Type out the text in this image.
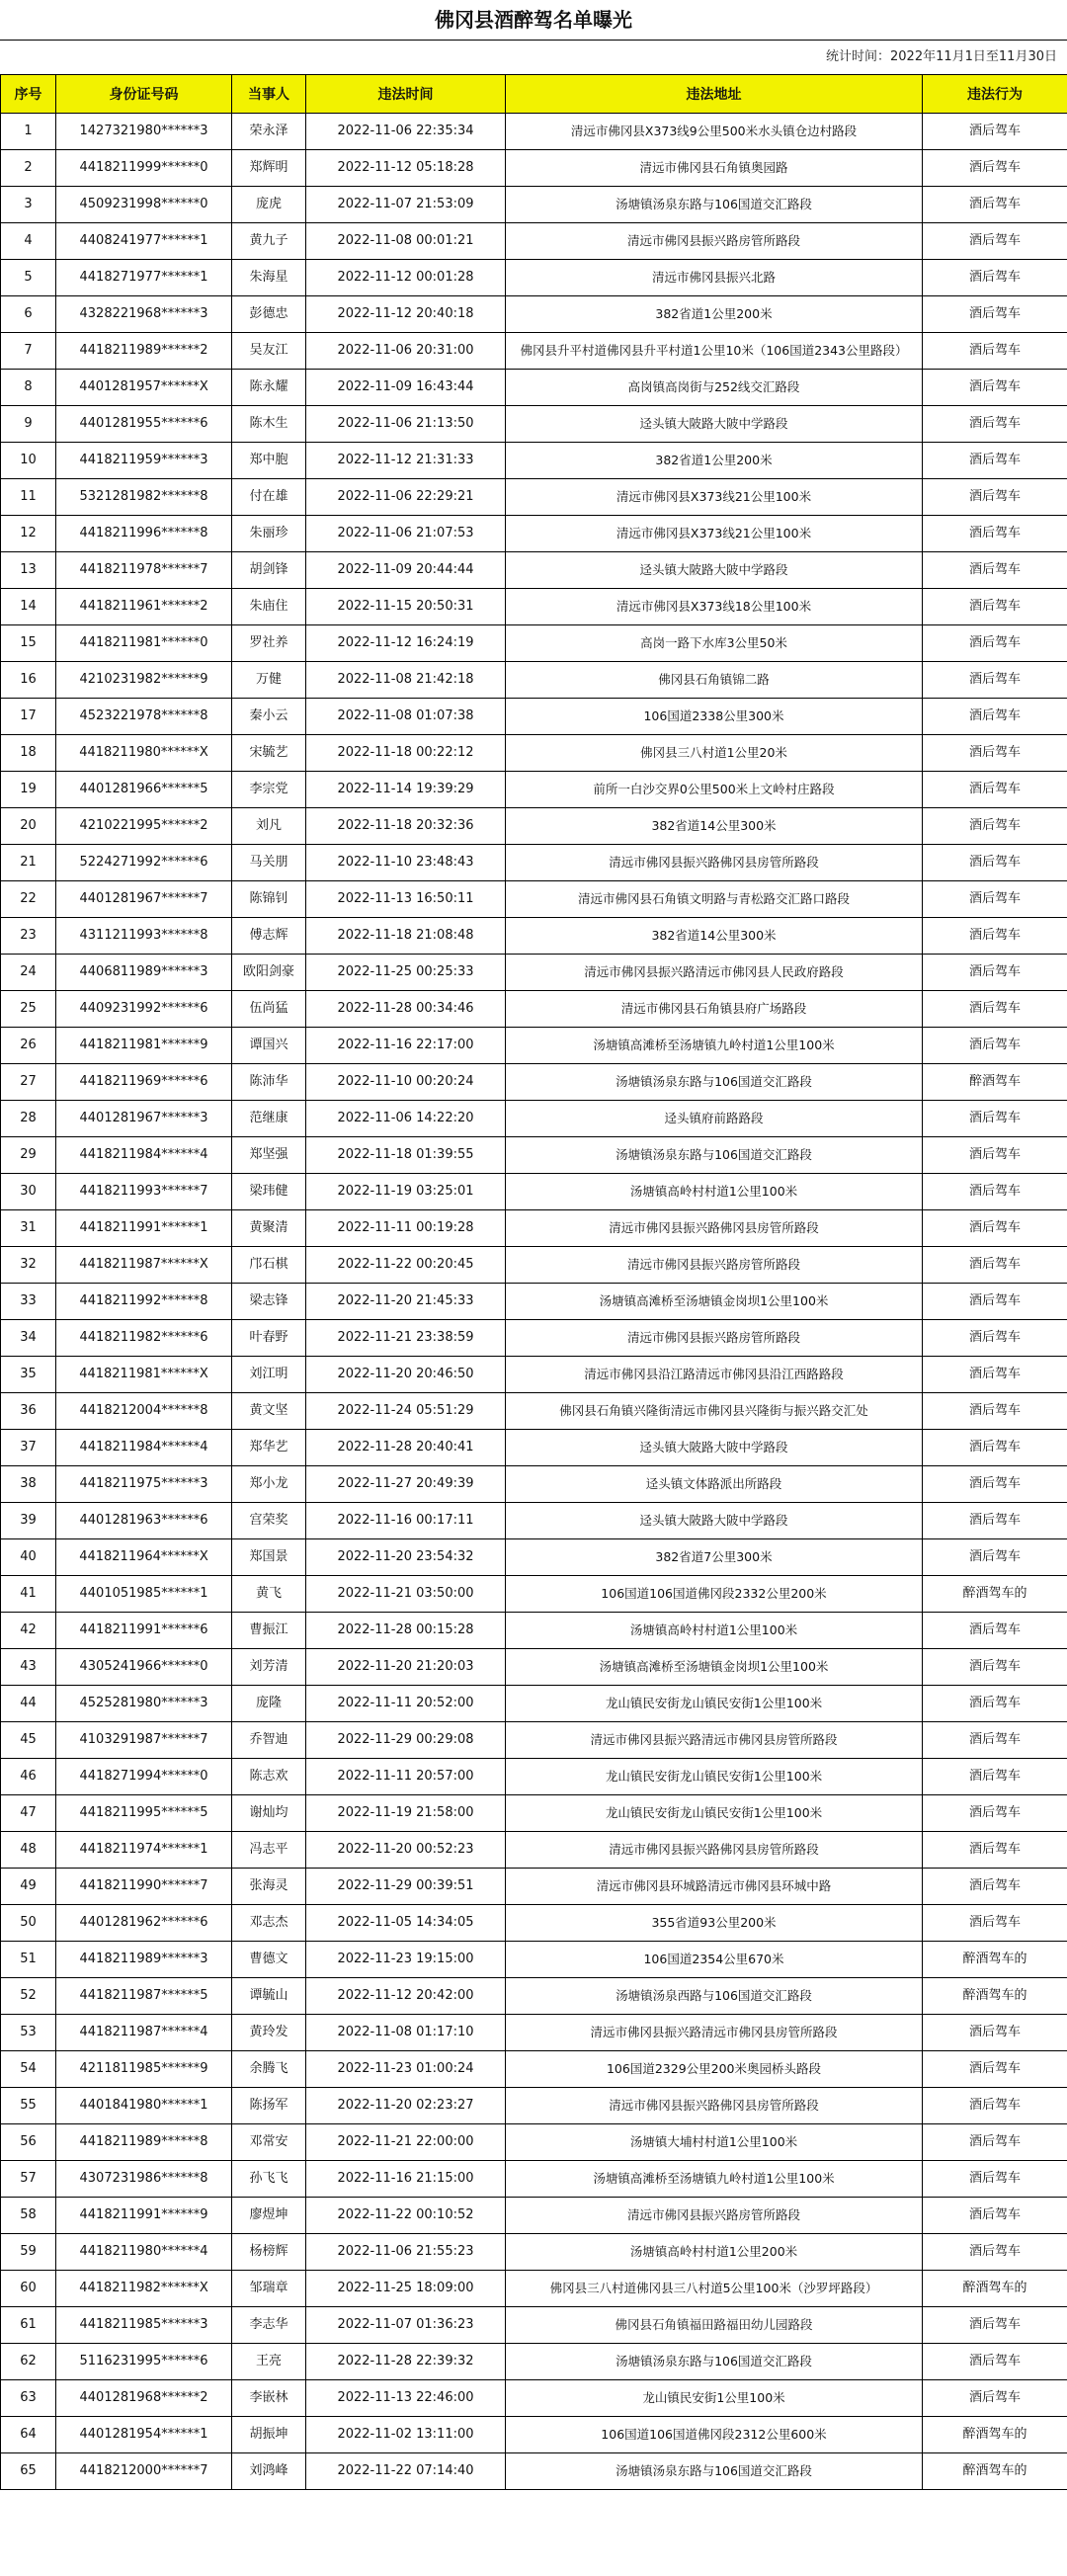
佛冈县酒醉驾名单曝光
统计时间：2022年11月1日至11月30日
序号	身份证号码	当事人	违法时间	违法地址	违法行为
1	1427321980******3	荣永泽	2022-11-06 22:35:34	清远市佛冈县X373线9公里500米水头镇仓边村路段	酒后驾车
2	4418211999******0	郑辉明	2022-11-12 05:18:28	清远市佛冈县石角镇奥园路	酒后驾车
3	4509231998******0	庞虎	2022-11-07 21:53:09	汤塘镇汤泉东路与106国道交汇路段	酒后驾车
4	4408241977******1	黄九子	2022-11-08 00:01:21	清远市佛冈县振兴路房管所路段	酒后驾车
5	4418271977******1	朱海星	2022-11-12 00:01:28	清远市佛冈县振兴北路	酒后驾车
6	4328221968******3	彭德忠	2022-11-12 20:40:18	382省道1公里200米	酒后驾车
7	4418211989******2	吴友江	2022-11-06 20:31:00	佛冈县升平村道佛冈县升平村道1公里10米（106国道2343公里路段）	酒后驾车
8	4401281957******X	陈永耀	2022-11-09 16:43:44	高岗镇高岗街与252线交汇路段	酒后驾车
9	4401281955******6	陈木生	2022-11-06 21:13:50	迳头镇大陂路大陂中学路段	酒后驾车
10	4418211959******3	郑中胞	2022-11-12 21:31:33	382省道1公里200米	酒后驾车
11	5321281982******8	付在雄	2022-11-06 22:29:21	清远市佛冈县X373线21公里100米	酒后驾车
12	4418211996******8	朱丽珍	2022-11-06 21:07:53	清远市佛冈县X373线21公里100米	酒后驾车
13	4418211978******7	胡剑锋	2022-11-09 20:44:44	迳头镇大陂路大陂中学路段	酒后驾车
14	4418211961******2	朱庙住	2022-11-15 20:50:31	清远市佛冈县X373线18公里100米	酒后驾车
15	4418211981******0	罗社养	2022-11-12 16:24:19	高岗一路下水库3公里50米	酒后驾车
16	4210231982******9	万健	2022-11-08 21:42:18	佛冈县石角镇锦二路	酒后驾车
17	4523221978******8	秦小云	2022-11-08 01:07:38	106国道2338公里300米	酒后驾车
18	4418211980******X	宋毓艺	2022-11-18 00:22:12	佛冈县三八村道1公里20米	酒后驾车
19	4401281966******5	李宗党	2022-11-14 19:39:29	前所一白沙交界0公里500米上文岭村庄路段	酒后驾车
20	4210221995******2	刘凡	2022-11-18 20:32:36	382省道14公里300米	酒后驾车
21	5224271992******6	马关朋	2022-11-10 23:48:43	清远市佛冈县振兴路佛冈县房管所路段	酒后驾车
22	4401281967******7	陈锦钊	2022-11-13 16:50:11	清远市佛冈县石角镇文明路与青松路交汇路口路段	酒后驾车
23	4311211993******8	傅志辉	2022-11-18 21:08:48	382省道14公里300米	酒后驾车
24	4406811989******3	欧阳剑豪	2022-11-25 00:25:33	清远市佛冈县振兴路清远市佛冈县人民政府路段	酒后驾车
25	4409231992******6	伍尚猛	2022-11-28 00:34:46	清远市佛冈县石角镇县府广场路段	酒后驾车
26	4418211981******9	谭国兴	2022-11-16 22:17:00	汤塘镇高滩桥至汤塘镇九岭村道1公里100米	酒后驾车
27	4418211969******6	陈沛华	2022-11-10 00:20:24	汤塘镇汤泉东路与106国道交汇路段	醉酒驾车
28	4401281967******3	范继康	2022-11-06 14:22:20	迳头镇府前路路段	酒后驾车
29	4418211984******4	郑坚强	2022-11-18 01:39:55	汤塘镇汤泉东路与106国道交汇路段	酒后驾车
30	4418211993******7	梁玮健	2022-11-19 03:25:01	汤塘镇高岭村村道1公里100米	酒后驾车
31	4418211991******1	黄聚清	2022-11-11 00:19:28	清远市佛冈县振兴路佛冈县房管所路段	酒后驾车
32	4418211987******X	邝石棋	2022-11-22 00:20:45	清远市佛冈县振兴路房管所路段	酒后驾车
33	4418211992******8	梁志锋	2022-11-20 21:45:33	汤塘镇高滩桥至汤塘镇金岗坝1公里100米	酒后驾车
34	4418211982******6	叶春野	2022-11-21 23:38:59	清远市佛冈县振兴路房管所路段	酒后驾车
35	4418211981******X	刘江明	2022-11-20 20:46:50	清远市佛冈县沿江路清远市佛冈县沿江西路路段	酒后驾车
36	4418212004******8	黄文坚	2022-11-24 05:51:29	佛冈县石角镇兴隆街清远市佛冈县兴隆街与振兴路交汇处	酒后驾车
37	4418211984******4	郑华艺	2022-11-28 20:40:41	迳头镇大陂路大陂中学路段	酒后驾车
38	4418211975******3	郑小龙	2022-11-27 20:49:39	迳头镇文体路派出所路段	酒后驾车
39	4401281963******6	宫荣奖	2022-11-16 00:17:11	迳头镇大陂路大陂中学路段	酒后驾车
40	4418211964******X	郑国景	2022-11-20 23:54:32	382省道7公里300米	酒后驾车
41	4401051985******1	黄飞	2022-11-21 03:50:00	106国道106国道佛冈段2332公里200米	醉酒驾车的
42	4418211991******6	曹振江	2022-11-28 00:15:28	汤塘镇高岭村村道1公里100米	酒后驾车
43	4305241966******0	刘芳清	2022-11-20 21:20:03	汤塘镇高滩桥至汤塘镇金岗坝1公里100米	酒后驾车
44	4525281980******3	庞隆	2022-11-11 20:52:00	龙山镇民安街龙山镇民安街1公里100米	酒后驾车
45	4103291987******7	乔智迪	2022-11-29 00:29:08	清远市佛冈县振兴路清远市佛冈县房管所路段	酒后驾车
46	4418271994******0	陈志欢	2022-11-11 20:57:00	龙山镇民安街龙山镇民安街1公里100米	酒后驾车
47	4418211995******5	谢灿均	2022-11-19 21:58:00	龙山镇民安街龙山镇民安街1公里100米	酒后驾车
48	4418211974******1	冯志平	2022-11-20 00:52:23	清远市佛冈县振兴路佛冈县房管所路段	酒后驾车
49	4418211990******7	张海灵	2022-11-29 00:39:51	清远市佛冈县环城路清远市佛冈县环城中路	酒后驾车
50	4401281962******6	邓志杰	2022-11-05 14:34:05	355省道93公里200米	酒后驾车
51	4418211989******3	曹德文	2022-11-23 19:15:00	106国道2354公里670米	醉酒驾车的
52	4418211987******5	谭毓山	2022-11-12 20:42:00	汤塘镇汤泉西路与106国道交汇路段	醉酒驾车的
53	4418211987******4	黄玲发	2022-11-08 01:17:10	清远市佛冈县振兴路清远市佛冈县房管所路段	酒后驾车
54	4211811985******9	余腾飞	2022-11-23 01:00:24	106国道2329公里200米奥园桥头路段	酒后驾车
55	4401841980******1	陈扬军	2022-11-20 02:23:27	清远市佛冈县振兴路佛冈县房管所路段	酒后驾车
56	4418211989******8	邓常安	2022-11-21 22:00:00	汤塘镇大埔村村道1公里100米	酒后驾车
57	4307231986******8	孙飞飞	2022-11-16 21:15:00	汤塘镇高滩桥至汤塘镇九岭村道1公里100米	酒后驾车
58	4418211991******9	廖煜坤	2022-11-22 00:10:52	清远市佛冈县振兴路房管所路段	酒后驾车
59	4418211980******4	杨榜辉	2022-11-06 21:55:23	汤塘镇高岭村村道1公里200米	酒后驾车
60	4418211982******X	邹瑞章	2022-11-25 18:09:00	佛冈县三八村道佛冈县三八村道5公里100米（沙罗坪路段）	醉酒驾车的
61	4418211985******3	李志华	2022-11-07 01:36:23	佛冈县石角镇福田路福田幼儿园路段	酒后驾车
62	5116231995******6	王亮	2022-11-28 22:39:32	汤塘镇汤泉东路与106国道交汇路段	酒后驾车
63	4401281968******2	李嵌林	2022-11-13 22:46:00	龙山镇民安街1公里100米	酒后驾车
64	4401281954******1	胡振坤	2022-11-02 13:11:00	106国道106国道佛冈段2312公里600米	醉酒驾车的
65	4418212000******7	刘鸿峰	2022-11-22 07:14:40	汤塘镇汤泉东路与106国道交汇路段	醉酒驾车的
